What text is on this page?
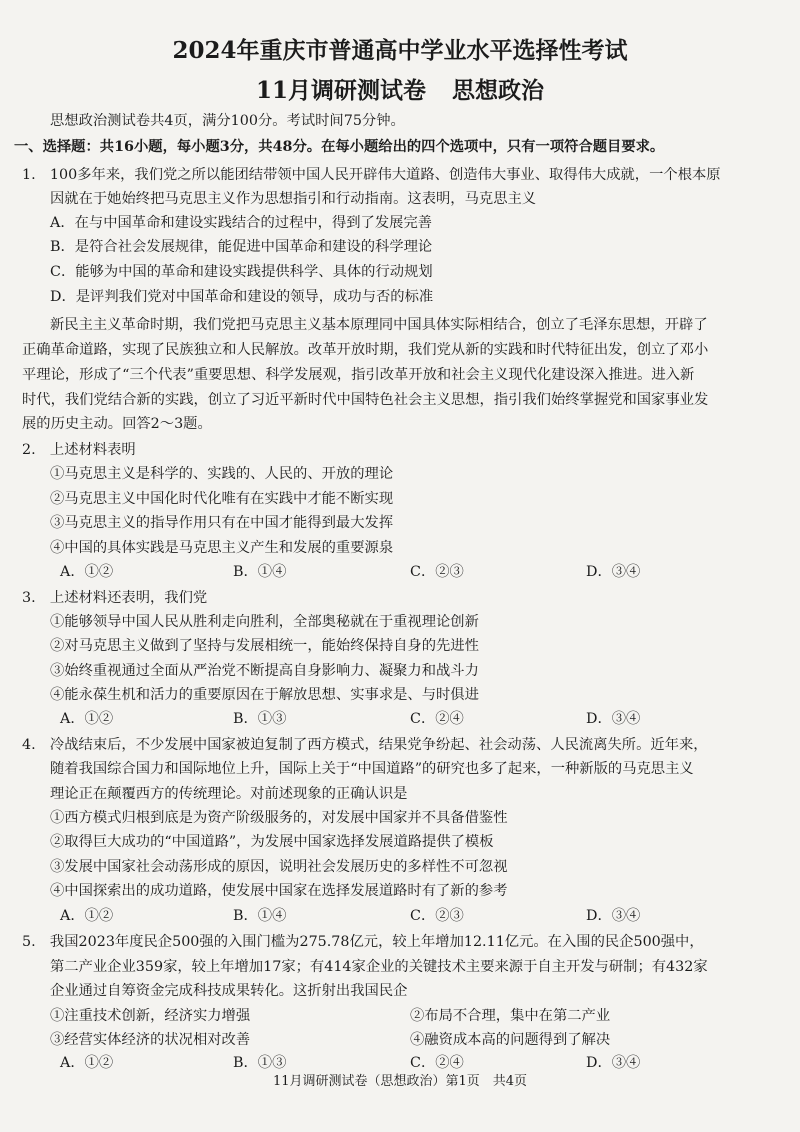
2024年重庆市普通高中学业水平选择性考试
11月调研测试卷 思想政治
思想政治测试卷共4页，满分100分。考试时间75分钟。
一、选择题：共16小题，每小题3分，共48分。在每小题给出的四个选项中，只有一项符合题目要求。
1.　100多年来，我们党之所以能团结带领中国人民开辟伟大道路、创造伟大事业、取得伟大成就，一个根本原
因就在于她始终把马克思主义作为思想指引和行动指南。这表明，马克思主义
A．在与中国革命和建设实践结合的过程中，得到了发展完善
B．是符合社会发展规律，能促进中国革命和建设的科学理论
C．能够为中国的革命和建设实践提供科学、具体的行动规划
D．是评判我们党对中国革命和建设的领导，成功与否的标准
新民主主义革命时期，我们党把马克思主义基本原理同中国具体实际相结合，创立了毛泽东思想，开辟了
正确革命道路，实现了民族独立和人民解放。改革开放时期，我们党从新的实践和时代特征出发，创立了邓小
平理论，形成了“三个代表”重要思想、科学发展观，指引改革开放和社会主义现代化建设深入推进。进入新
时代，我们党结合新的实践，创立了习近平新时代中国特色社会主义思想，指引我们始终掌握党和国家事业发
展的历史主动。回答2～3题。
2.　上述材料表明
①马克思主义是科学的、实践的、人民的、开放的理论
②马克思主义中国化时代化唯有在实践中才能不断实现
③马克思主义的指导作用只有在中国才能得到最大发挥
④中国的具体实践是马克思主义产生和发展的重要源泉
A．①②	B．①④	C．②③	D．③④
3.　上述材料还表明，我们党
①能够领导中国人民从胜利走向胜利，全部奥秘就在于重视理论创新
②对马克思主义做到了坚持与发展相统一，能始终保持自身的先进性
③始终重视通过全面从严治党不断提高自身影响力、凝聚力和战斗力
④能永葆生机和活力的重要原因在于解放思想、实事求是、与时俱进
A．①②	B．①③	C．②④	D．③④
4.　冷战结束后，不少发展中国家被迫复制了西方模式，结果党争纷起、社会动荡、人民流离失所。近年来，
随着我国综合国力和国际地位上升，国际上关于“中国道路”的研究也多了起来，一种新版的马克思主义
理论正在颠覆西方的传统理论。对前述现象的正确认识是
①西方模式归根到底是为资产阶级服务的，对发展中国家并不具备借鉴性
②取得巨大成功的“中国道路”，为发展中国家选择发展道路提供了模板
③发展中国家社会动荡形成的原因，说明社会发展历史的多样性不可忽视
④中国探索出的成功道路，使发展中国家在选择发展道路时有了新的参考
A．①②	B．①④	C．②③	D．③④
5.　我国2023年度民企500强的入围门槛为275.78亿元，较上年增加12.11亿元。在入围的民企500强中，
第二产业企业359家，较上年增加17家；有414家企业的关键技术主要来源于自主开发与研制；有432家
企业通过自筹资金完成科技成果转化。这折射出我国民企
①注重技术创新，经济实力增强	②布局不合理，集中在第二产业
③经营实体经济的状况相对改善	④融资成本高的问题得到了解决
A．①②	B．①③	C．②④	D．③④
11月调研测试卷（思想政治）第1页　共4页
